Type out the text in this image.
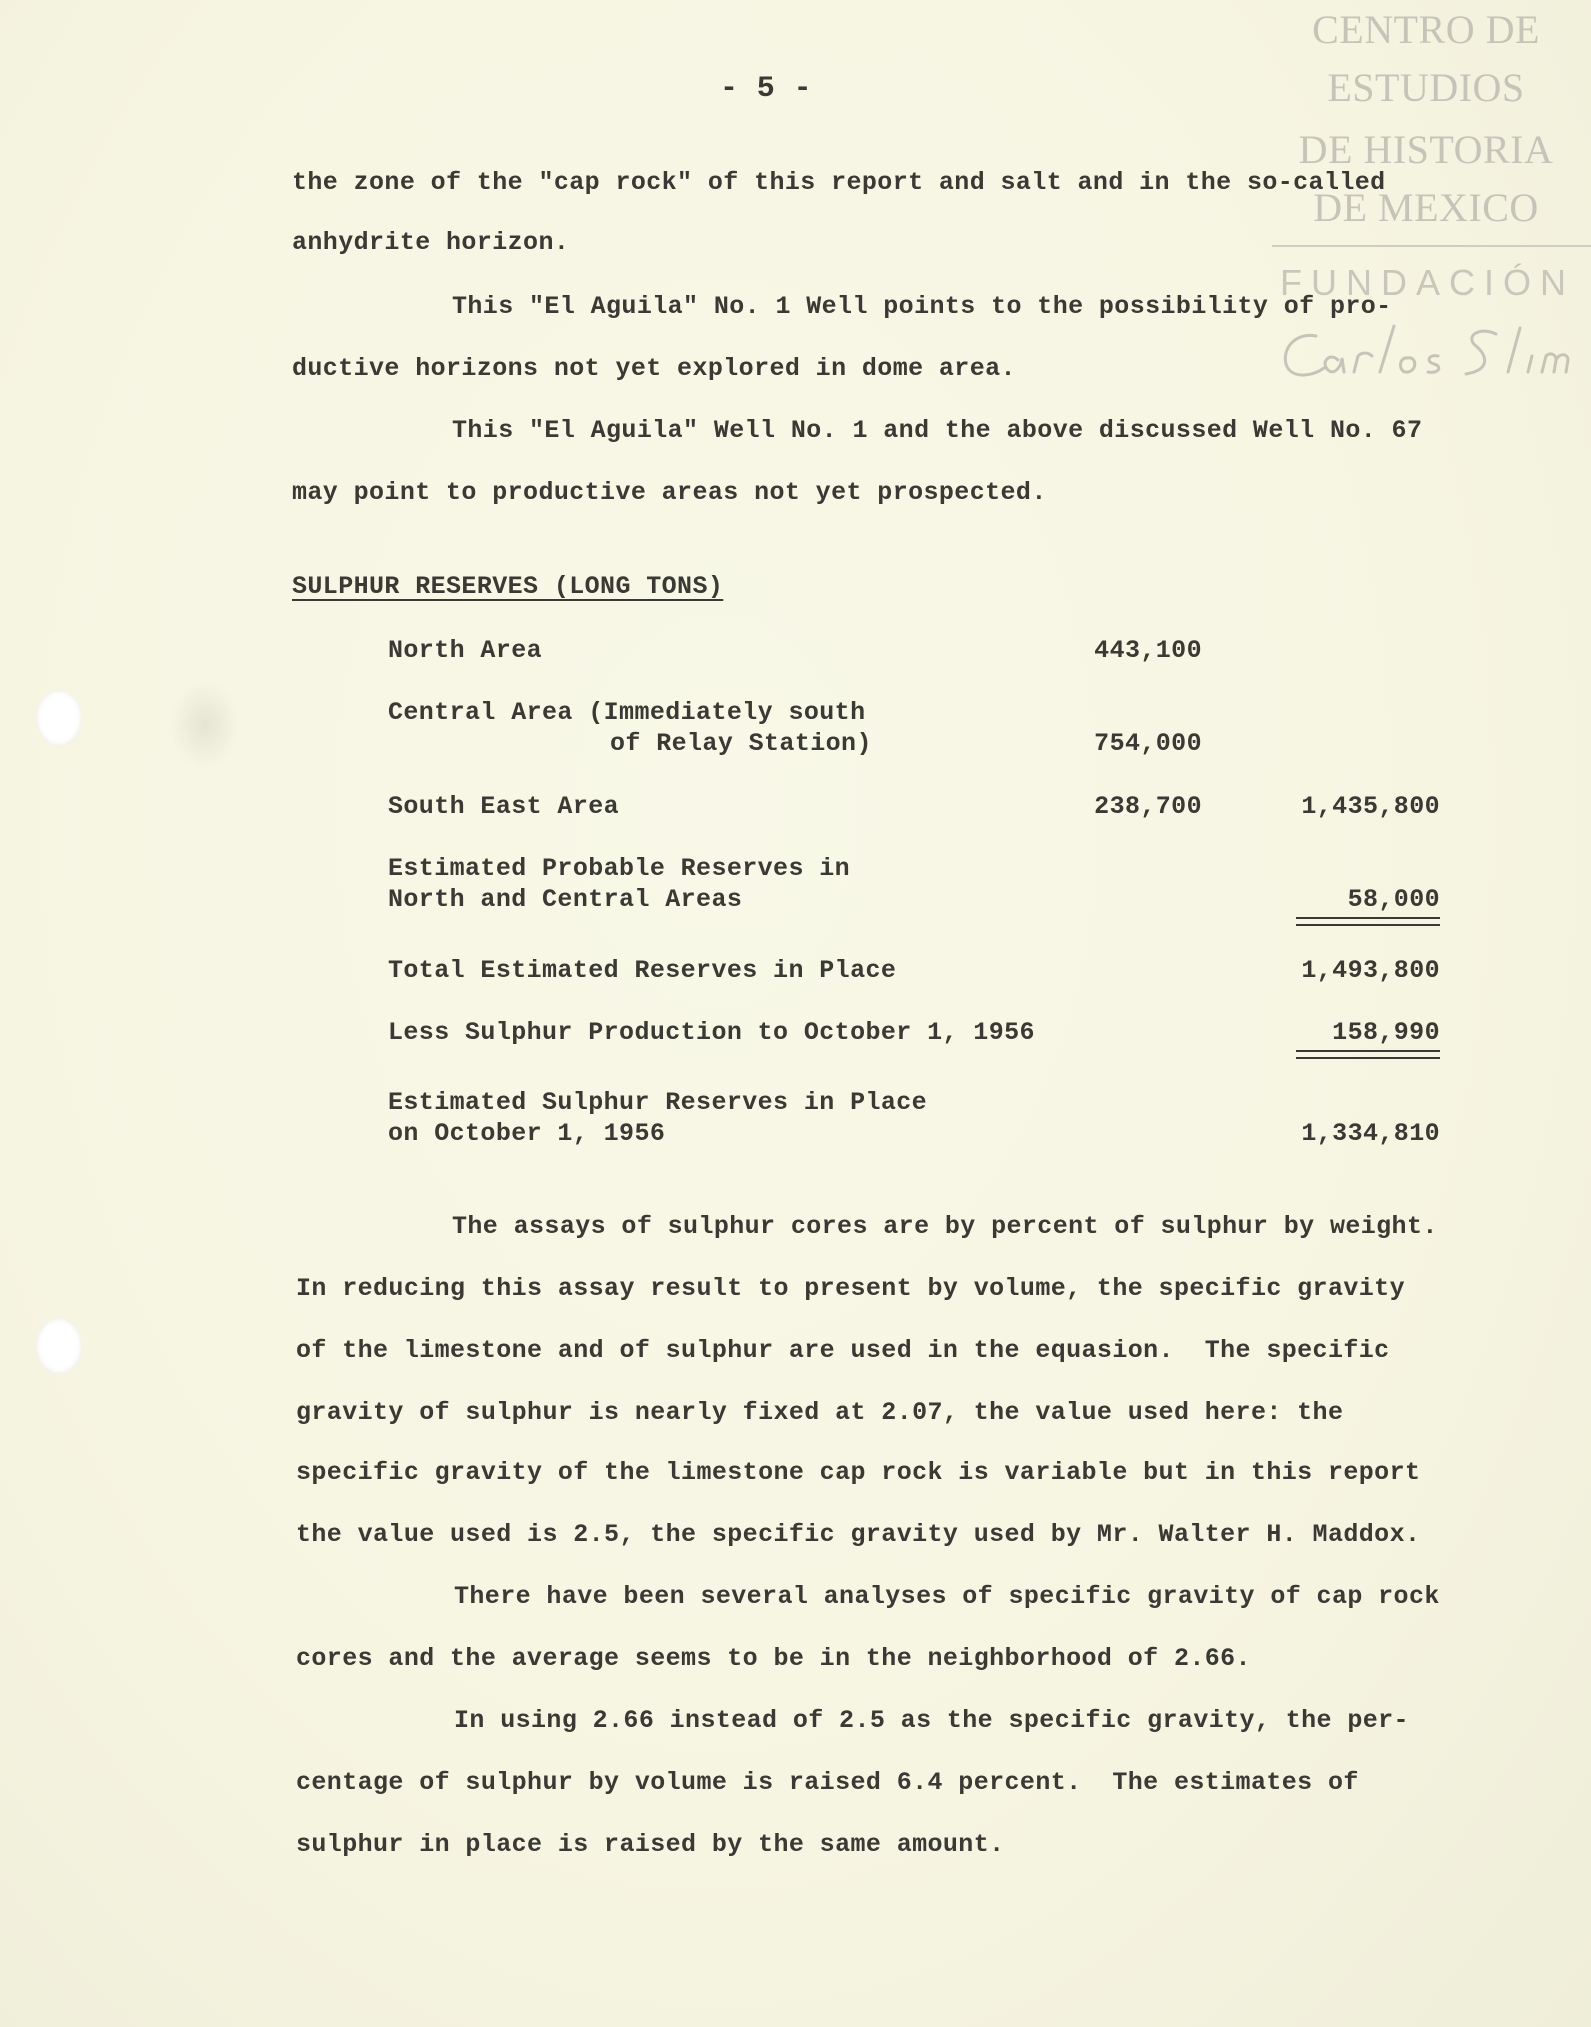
CENTRO DE
ESTUDIOS
DE HISTORIA
DE MEXICO
FUNDACIÓN
- 5 -
the zone of the "cap rock" of this report and salt and in the so-called
anhydrite horizon.
This "El Aguila" No. 1 Well points to the possibility of pro-
ductive horizons not yet explored in dome area.
This "El Aguila" Well No. 1 and the above discussed Well No. 67
may point to productive areas not yet prospected.
SULPHUR RESERVES (LONG TONS)
North Area	443,100
Central Area (Immediately south
of Relay Station)	754,000
South East Area	238,700	1,435,800
Estimated Probable Reserves in
North and Central Areas	58,000
Total Estimated Reserves in Place	1,493,800
Less Sulphur Production to October 1, 1956	158,990
Estimated Sulphur Reserves in Place
on October 1, 1956	1,334,810
The assays of sulphur cores are by percent of sulphur by weight.
In reducing this assay result to present by volume, the specific gravity
of the limestone and of sulphur are used in the equasion.  The specific
gravity of sulphur is nearly fixed at 2.07, the value used here: the
specific gravity of the limestone cap rock is variable but in this report
the value used is 2.5, the specific gravity used by Mr. Walter H. Maddox.
There have been several analyses of specific gravity of cap rock
cores and the average seems to be in the neighborhood of 2.66.
In using 2.66 instead of 2.5 as the specific gravity, the per-
centage of sulphur by volume is raised 6.4 percent.  The estimates of
sulphur in place is raised by the same amount.
